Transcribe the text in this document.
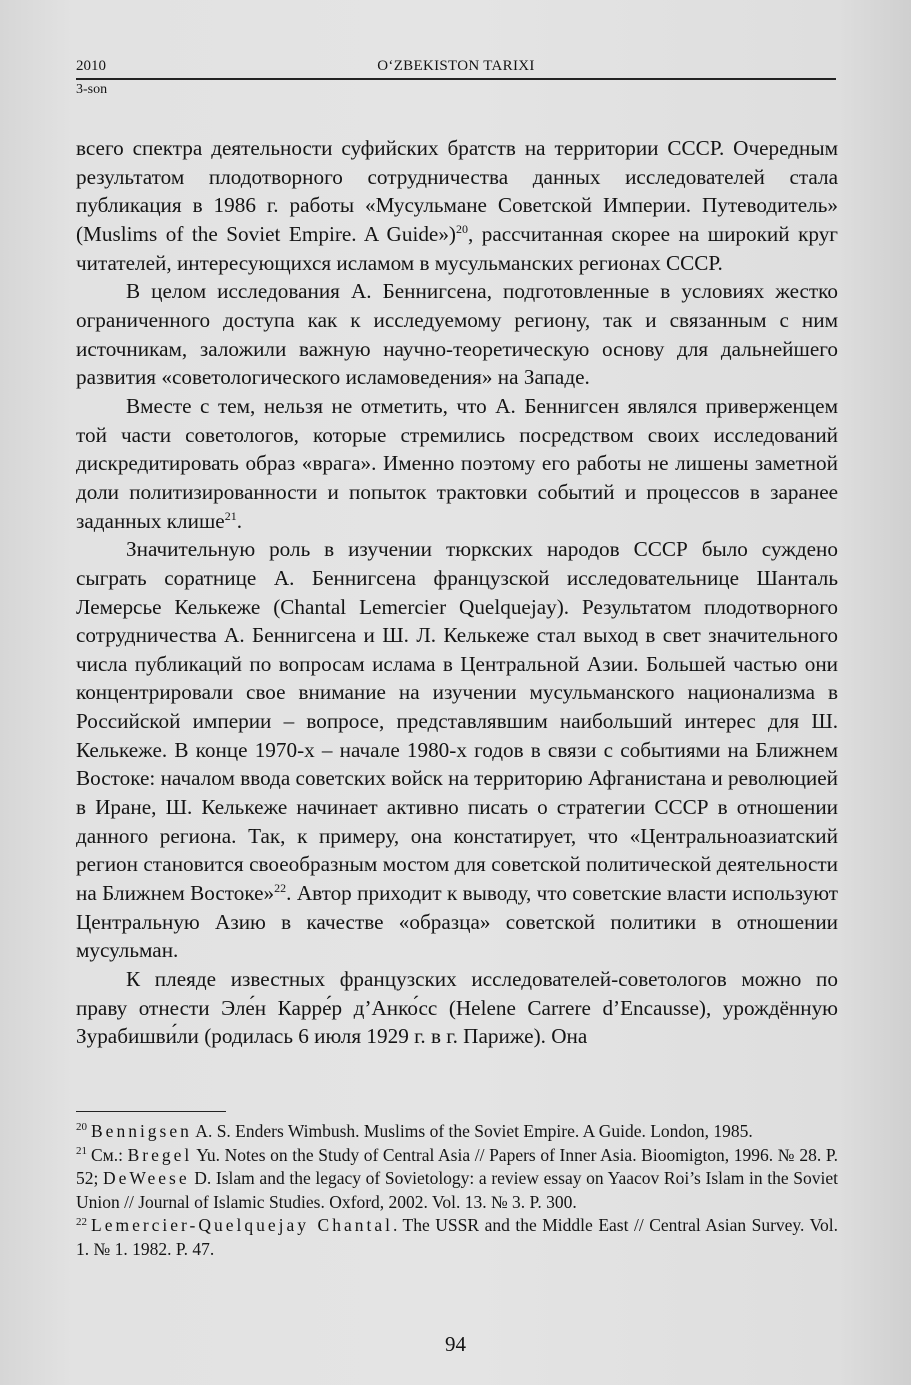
2010	O‘ZBEKISTON TARIXI
3-son

всего спектра деятельности суфийских братств на территории СССР. Очередным результатом плодотворного сотрудничества данных исследователей стала публикация в 1986 г. работы «Мусульмане Советской Империи. Путеводитель» (Muslims of the Soviet Empire. A Guide»)$^{20}$, рассчитанная скорее на широкий круг читателей, интересующихся исламом в мусульманских регионах СССР.

В целом исследования А. Беннигсена, подготовленные в условиях жестко ограниченного доступа как к исследуемому региону, так и связанным с ним источникам, заложили важную научно-теоретическую основу для дальнейшего развития «советологического исламоведения» на Западе.

Вместе с тем, нельзя не отметить, что А. Беннигсен являлся приверженцем той части советологов, которые стремились посредством своих исследований дискредитировать образ «врага». Именно поэтому его работы не лишены заметной доли политизированности и попыток трактовки событий и процессов в заранее заданных клише$^{21}$.

Значительную роль в изучении тюркских народов СССР было суждено сыграть соратнице А. Беннигсена французской исследовательнице Шанталь Лемерсье Келькеже (Chantal Lemercier Quelquejay). Результатом плодотворного сотрудничества А. Беннигсена и Ш. Л. Келькеже стал выход в свет значительного числа публикаций по вопросам ислама в Центральной Азии. Большей частью они концентрировали свое внимание на изучении мусульманского национализма в Российской империи – вопросе, представлявшим наибольший интерес для Ш. Келькеже. В конце 1970-х – начале 1980-х годов в связи с событиями на Ближнем Востоке: началом ввода советских войск на территорию Афганистана и революцией в Иране, Ш. Келькеже начинает активно писать о стратегии СССР в отношении данного региона. Так, к примеру, она констатирует, что «Центральноазиатский регион становится своеобразным мостом для советской политической деятельности на Ближнем Востоке»$^{22}$. Автор приходит к выводу, что советские власти используют Центральную Азию в качестве «образца» советской политики в отношении мусульман.

К плеяде известных французских исследователей-советологов можно по праву отнести Эле́н Карре́р д’Анко́сс (Helene Carrere d’Encausse), урождённую Зурабишви́ли (родилась 6 июля 1929 г. в г. Париже). Она

$^{20}$ Bennigsen A. S. Enders Wimbush. Muslims of the Soviet Empire. A Guide. London, 1985.

$^{21}$ См.: Bregel Yu. Notes on the Study of Central Asia // Papers of Inner Asia. Bioomigton, 1996. № 28. P. 52; DeWeese D. Islam and the legacy of Sovietology: a review essay on Yaacov Roi’s Islam in the Soviet Union // Journal of Islamic Studies. Oxford, 2002. Vol. 13. № 3. P. 300.

$^{22}$ Lemercier-Quelquejay Chantal. The USSR and the Middle East // Central Asian Survey. Vol. 1. № 1. 1982. P. 47.

94
